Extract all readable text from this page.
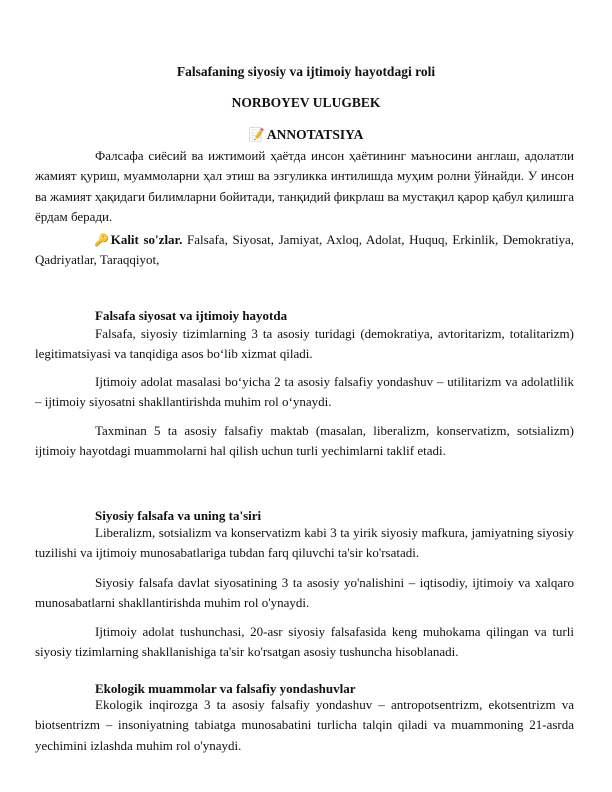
Falsafaning siyosiy va ijtimoiy hayotdagi roli

NORBOYEV ULUGBEK

📝 ANNOTATSIYA

Фалсафа сиёсий ва ижтимоий ҳаётда инсон ҳаётининг маъносини англаш, адолатли жамият қуриш, муаммоларни ҳал этиш ва эзгуликка интилишда муҳим ролни ўйнайди. У инсон ва жамият ҳақидаги билимларни бойитади, танқидий фикрлаш ва мустақил қарор қабул қилишга ёрдам беради.

🔑Kalit so'zlar. Falsafa, Siyosat, Jamiyat, Axloq, Adolat, Huquq, Erkinlik, Demokratiya, Qadriyatlar, Taraqqiyot,

Falsafa siyosat va ijtimoiy hayotda

Falsafa, siyosiy tizimlarning 3 ta asosiy turidagi (demokratiya, avtoritarizm, totalitarizm) legitimatsiyasi va tanqidiga asos bo‘lib xizmat qiladi.

Ijtimoiy adolat masalasi bo‘yicha 2 ta asosiy falsafiy yondashuv – utilitarizm va adolatlilik – ijtimoiy siyosatni shakllantirishda muhim rol o‘ynaydi.

Taxminan 5 ta asosiy falsafiy maktab (masalan, liberalizm, konservatizm, sotsializm) ijtimoiy hayotdagi muammolarni hal qilish uchun turli yechimlarni taklif etadi.

Siyosiy falsafa va uning ta'siri

Liberalizm, sotsializm va konservatizm kabi 3 ta yirik siyosiy mafkura, jamiyatning siyosiy tuzilishi va ijtimoiy munosabatlariga tubdan farq qiluvchi ta'sir ko'rsatadi.

Siyosiy falsafa davlat siyosatining 3 ta asosiy yo'nalishini – iqtisodiy, ijtimoiy va xalqaro munosabatlarni shakllantirishda muhim rol o'ynaydi.

Ijtimoiy adolat tushunchasi, 20-asr siyosiy falsafasida keng muhokama qilingan va turli siyosiy tizimlarning shakllanishiga ta'sir ko'rsatgan asosiy tushuncha hisoblanadi.

Ekologik muammolar va falsafiy yondashuvlar

Ekologik inqirozga 3 ta asosiy falsafiy yondashuv – antropotsentrizm, ekotsentrizm va biotsentrizm – insoniyatning tabiatga munosabatini turlicha talqin qiladi va muammoning 21-asrda yechimini izlashda muhim rol o'ynaydi.
